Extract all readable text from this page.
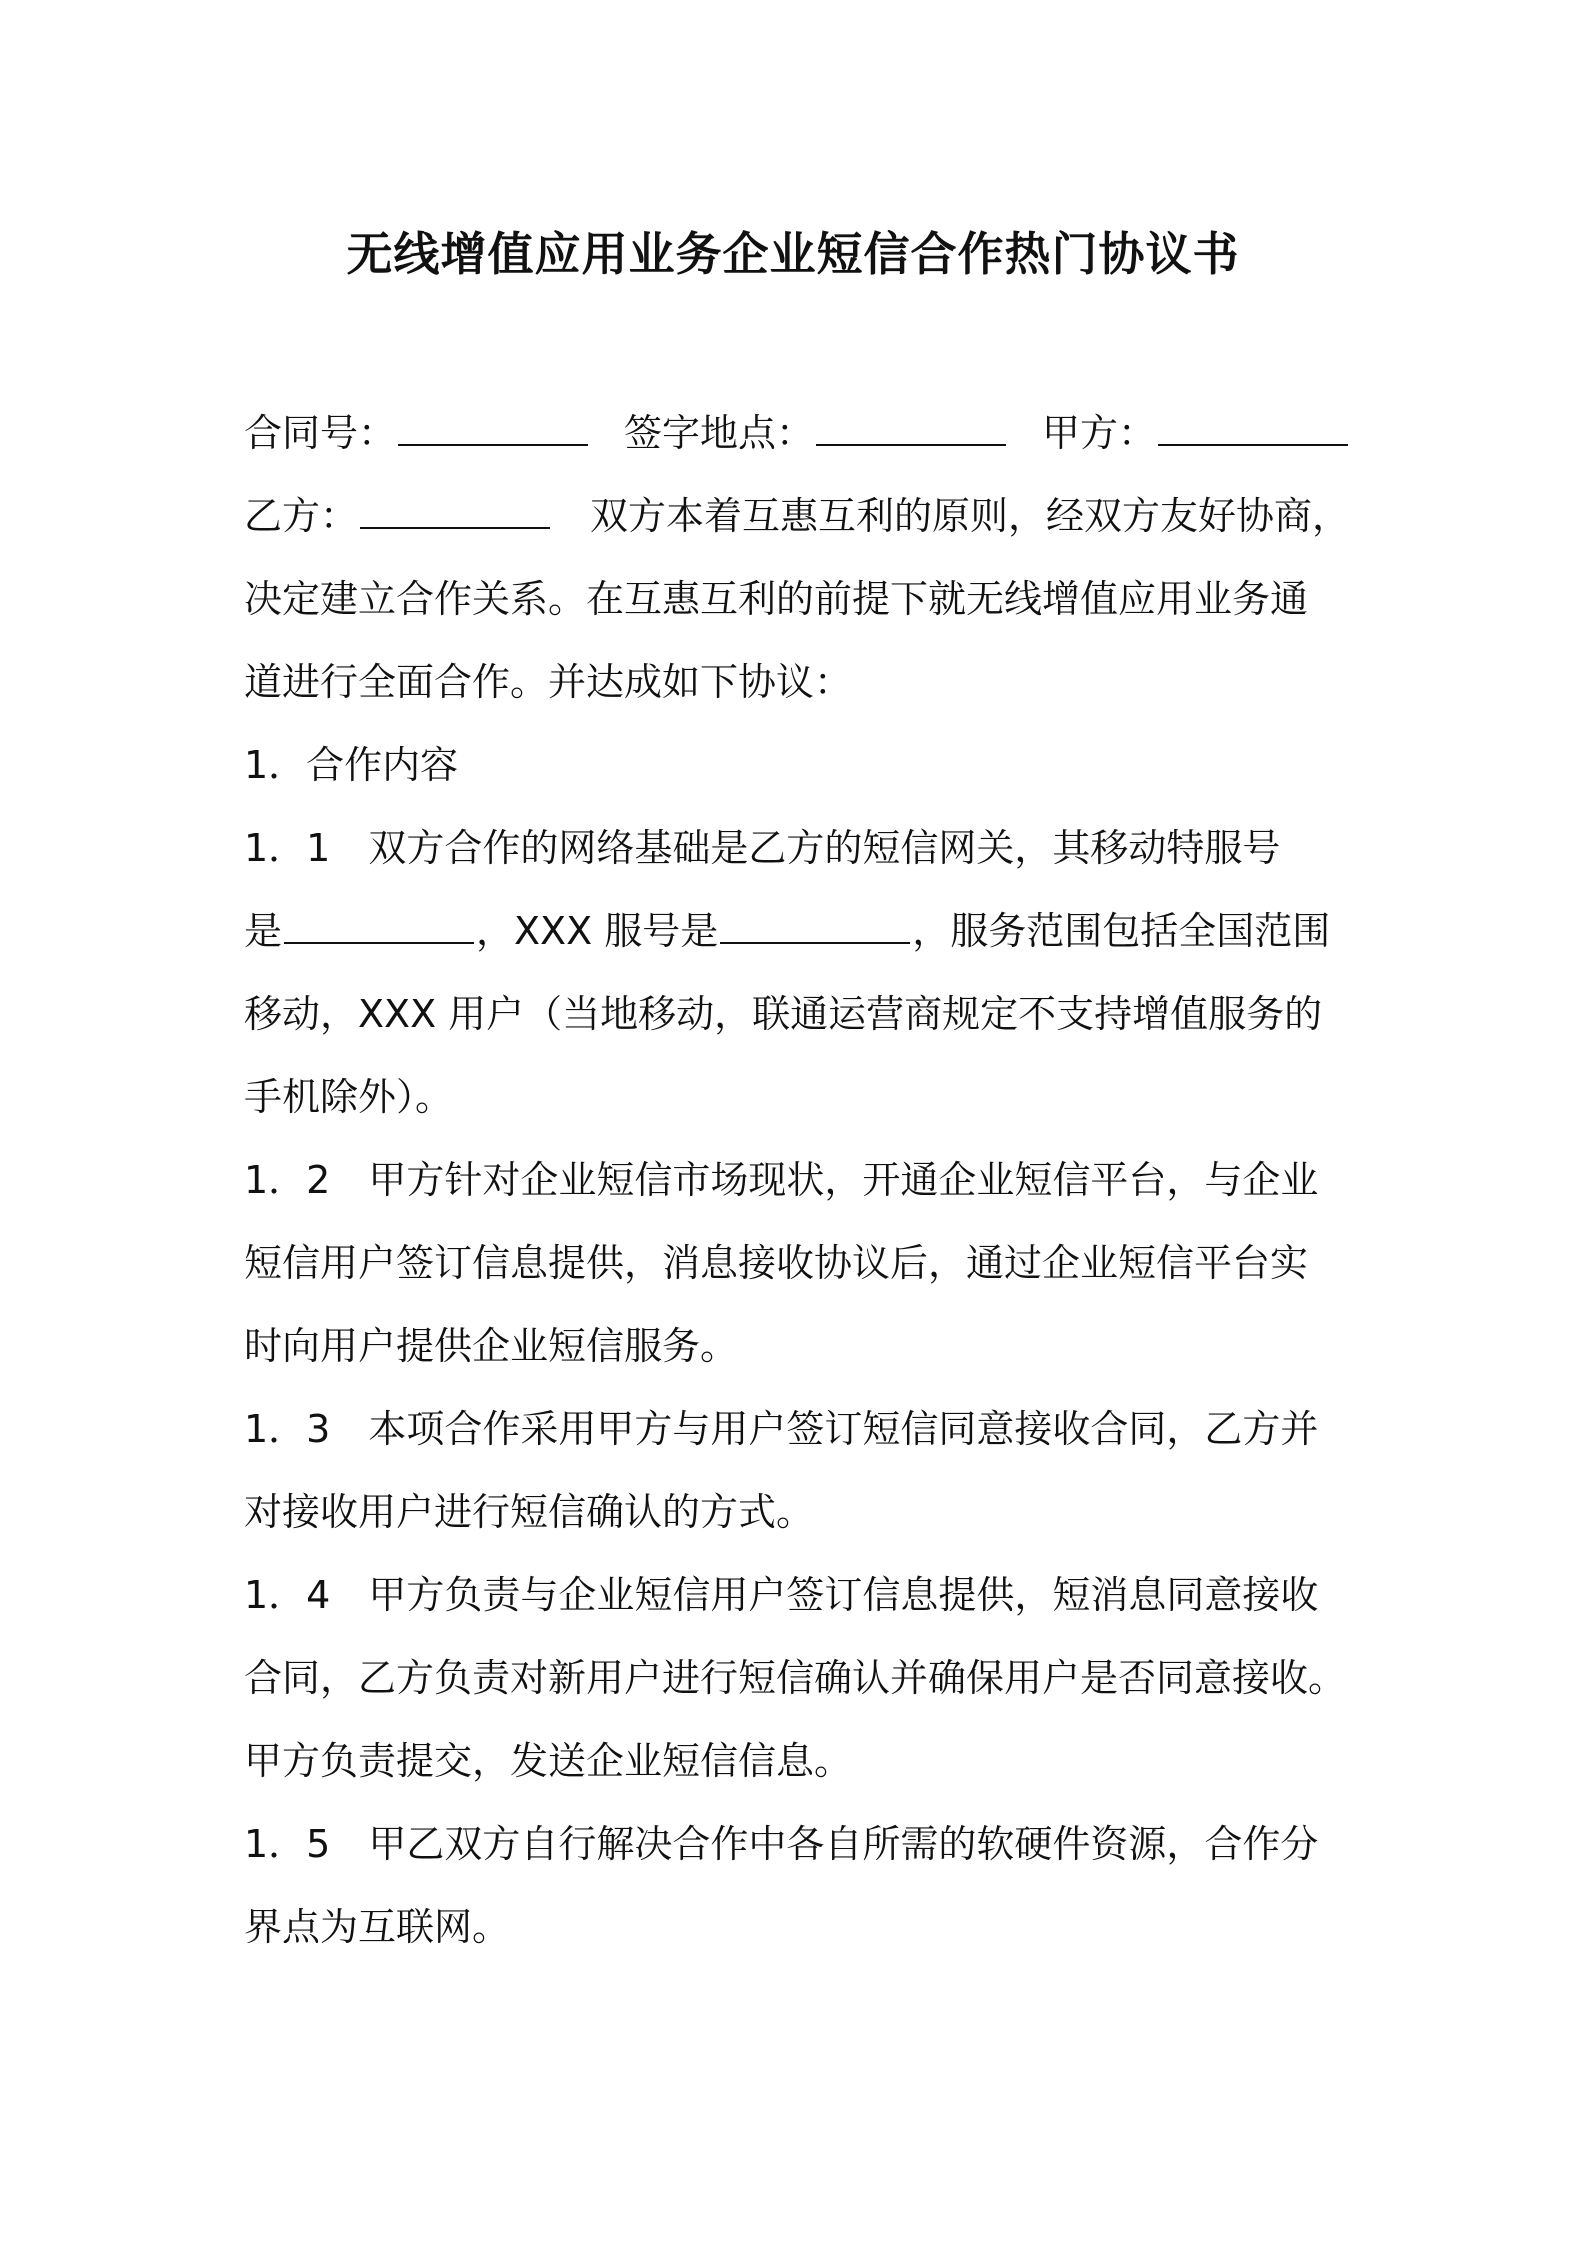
无线增值应用业务企业短信合作热门协议书
合同号：	签字地点：	甲方：
乙方：	双方本着互惠互利的原则，经双方友好协商，
决定建立合作关系。在互惠互利的前提下就无线增值应用业务通
道进行全面合作。并达成如下协议：
1．合作内容
1．1　双方合作的网络基础是乙方的短信网关，其移动特服号
是	，XXX 服号是	，服务范围包括全国范围
移动，XXX 用户（当地移动，联通运营商规定不支持增值服务的
手机除外）。
1．2　甲方针对企业短信市场现状，开通企业短信平台，与企业
短信用户签订信息提供，消息接收协议后，通过企业短信平台实
时向用户提供企业短信服务。
1．3　本项合作采用甲方与用户签订短信同意接收合同，乙方并
对接收用户进行短信确认的方式。
1．4　甲方负责与企业短信用户签订信息提供，短消息同意接收
合同，乙方负责对新用户进行短信确认并确保用户是否同意接收。
甲方负责提交，发送企业短信信息。
1．5　甲乙双方自行解决合作中各自所需的软硬件资源，合作分
界点为互联网。
